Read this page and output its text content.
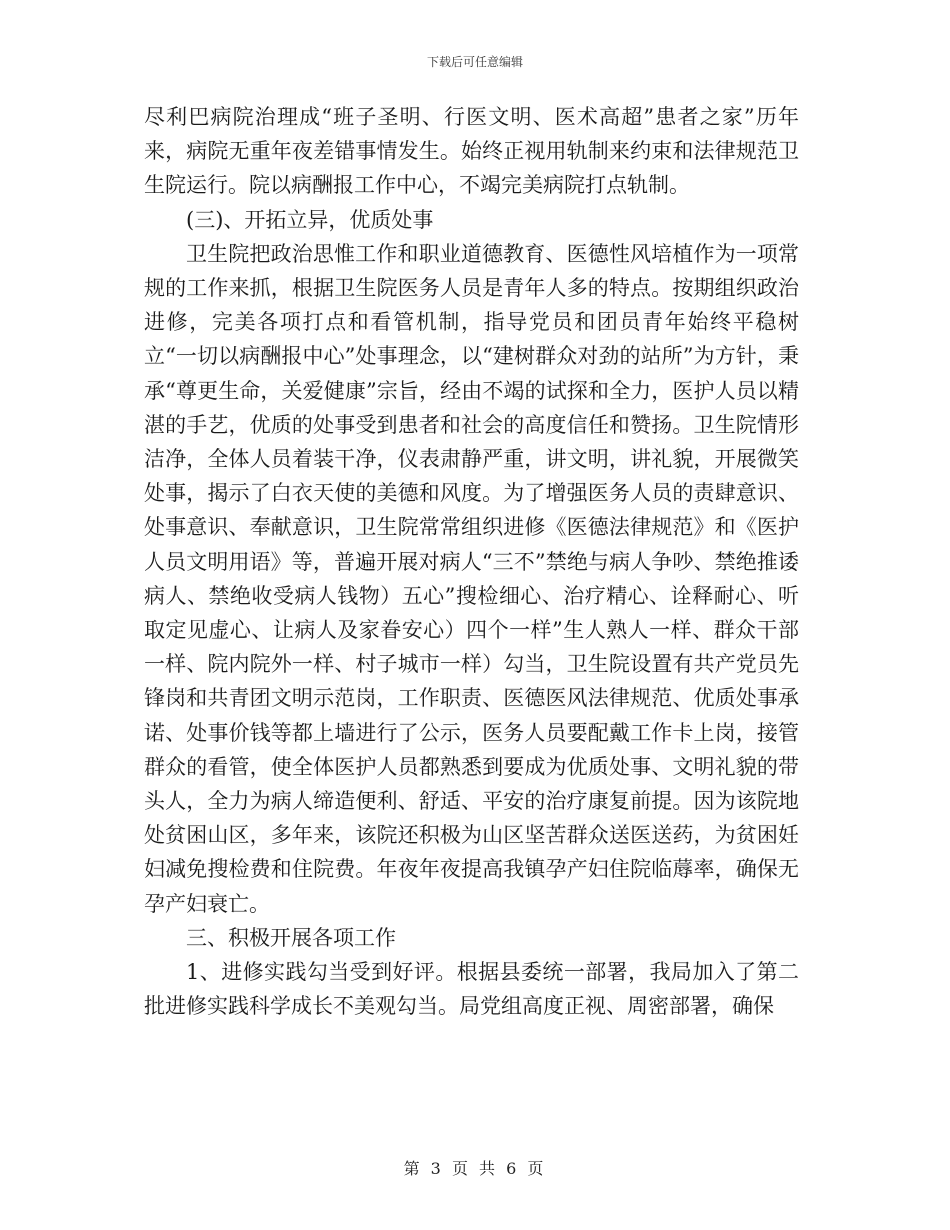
下载后可任意编辑

尽利巴病院治理成“班子圣明、行医文明、医术高超”患者之家”历年来，病院无重年夜差错事情发生。始终正视用轨制来约束和法律规范卫生院运行。院以病酬报工作中心，不竭完美病院打点轨制。

(三)、开拓立异，优质处事

卫生院把政治思惟工作和职业道德教育、医德性风培植作为一项常规的工作来抓，根据卫生院医务人员是青年人多的特点。按期组织政治进修，完美各项打点和看管机制，指导党员和团员青年始终平稳树立“一切以病酬报中心”处事理念，以“建树群众对劲的站所”为方针，秉承“尊更生命，关爱健康”宗旨，经由不竭的试探和全力，医护人员以精湛的手艺，优质的处事受到患者和社会的高度信任和赞扬。卫生院情形洁净，全体人员着装干净，仪表肃静严重，讲文明，讲礼貌，开展微笑处事，揭示了白衣天使的美德和风度。为了增强医务人员的责肆意识、处事意识、奉献意识，卫生院常常组织进修《医德法律规范》和《医护人员文明用语》等，普遍开展对病人“三不”禁绝与病人争吵、禁绝推诿病人、禁绝收受病人钱物）五心”搜检细心、治疗精心、诠释耐心、听取定见虚心、让病人及家眷安心）四个一样”生人熟人一样、群众干部一样、院内院外一样、村子城市一样）勾当，卫生院设置有共产党员先锋岗和共青团文明示范岗，工作职责、医德医风法律规范、优质处事承诺、处事价钱等都上墙进行了公示，医务人员要配戴工作卡上岗，接管群众的看管，使全体医护人员都熟悉到要成为优质处事、文明礼貌的带头人，全力为病人缔造便利、舒适、平安的治疗康复前提。因为该院地处贫困山区，多年来，该院还积极为山区坚苦群众送医送药，为贫困妊妇减免搜检费和住院费。年夜年夜提高我镇孕产妇住院临蓐率，确保无孕产妇衰亡。

三、积极开展各项工作

1、进修实践勾当受到好评。根据县委统一部署，我局加入了第二批进修实践科学成长不美观勾当。局党组高度正视、周密部署，确保

第 3 页 共 6 页
